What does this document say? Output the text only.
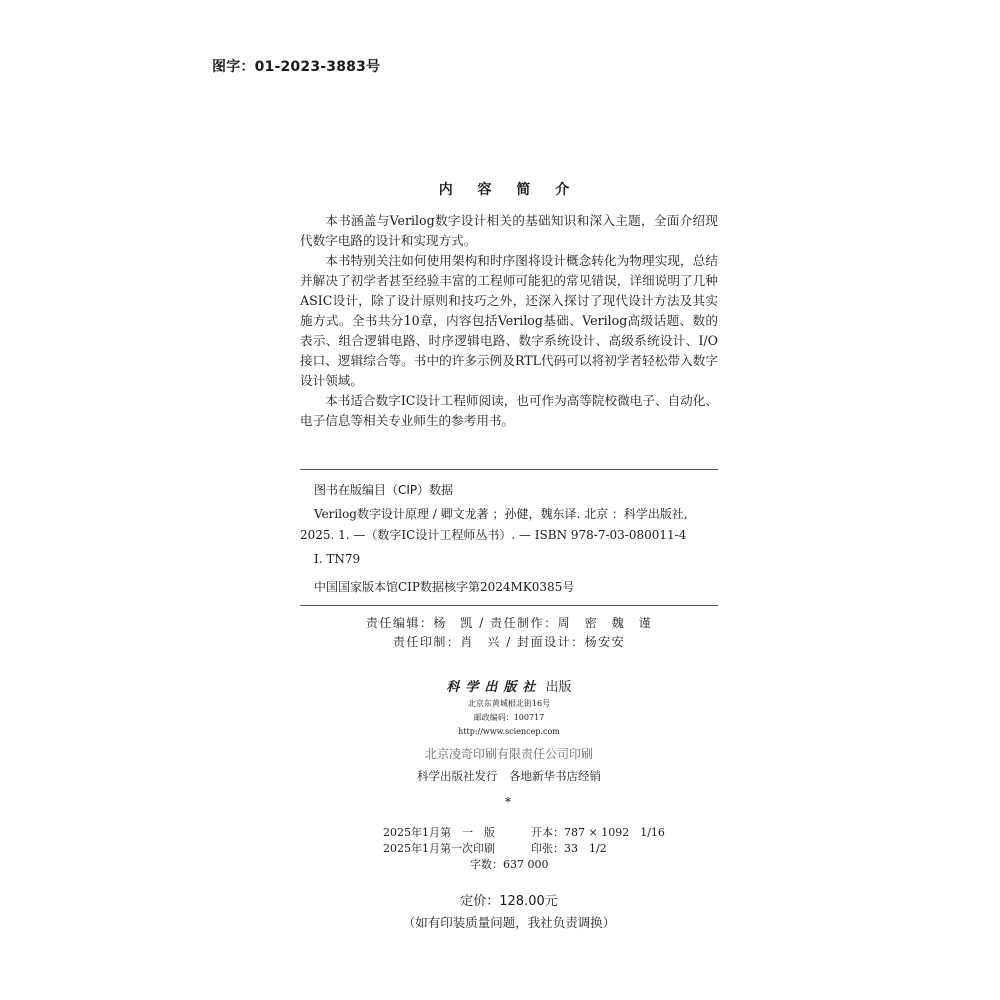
图字：01-2023-3883号
内 容 简 介

本书涵盖与Verilog数字设计相关的基础知识和深入主题，全面介绍现代数字电路的设计和实现方式。

本书特别关注如何使用架构和时序图将设计概念转化为物理实现，总结并解决了初学者甚至经验丰富的工程师可能犯的常见错误，详细说明了几种ASIC设计，除了设计原则和技巧之外，还深入探讨了现代设计方法及其实施方式。全书共分10章，内容包括Verilog基础、Verilog高级话题、数的表示、组合逻辑电路、时序逻辑电路、数字系统设计、高级系统设计、I/O接口、逻辑综合等。书中的许多示例及RTL代码可以将初学者轻松带入数字设计领域。

本书适合数字IC设计工程师阅读，也可作为高等院校微电子、自动化、电子信息等相关专业师生的参考用书。

图书在版编目（CIP）数据
Verilog数字设计原理 / 卿文龙著 ；孙健，魏东译. 北京 ：科学出版社,
2025. 1. —（数字IC设计工程师丛书）. — ISBN 978-7-03-080011-4
Ⅰ. TN79
中国国家版本馆CIP数据核字第2024MK0385号
责任编辑：杨　凯 / 责任制作：周　密　魏　谨
责任印制：肖　兴 / 封面设计：杨安安
科学出版社 出版
北京东黄城根北街16号
邮政编码：100717
http://www.sciencep.com
北京凌奇印刷有限责任公司印刷
科学出版社发行　各地新华书店经销
*
2025年1月第　一　版
2025年1月第一次印刷
开本：787 × 1092　1/16
印张：33　1/2
字数：637 000
定价：128.00元
（如有印装质量问题，我社负责调换）
